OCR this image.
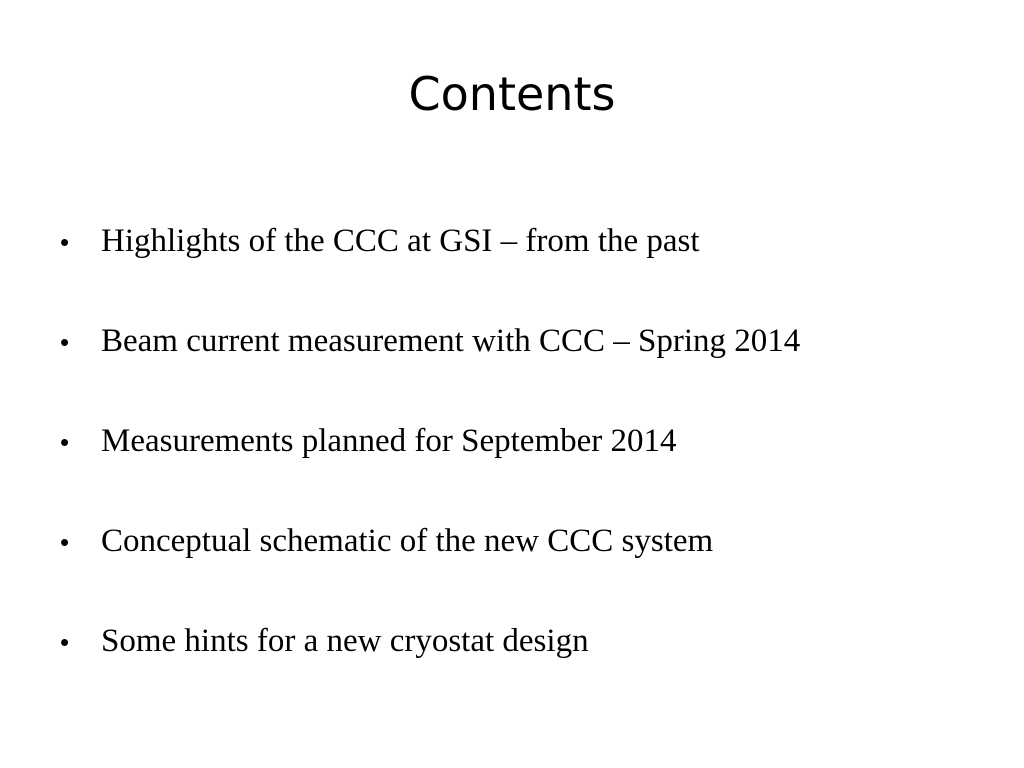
Contents
• Highlights of the CCC at GSI – from the past
• Beam current measurement with CCC – Spring 2014
• Measurements planned for September 2014
• Conceptual schematic of the new CCC system
• Some hints for a new cryostat design
